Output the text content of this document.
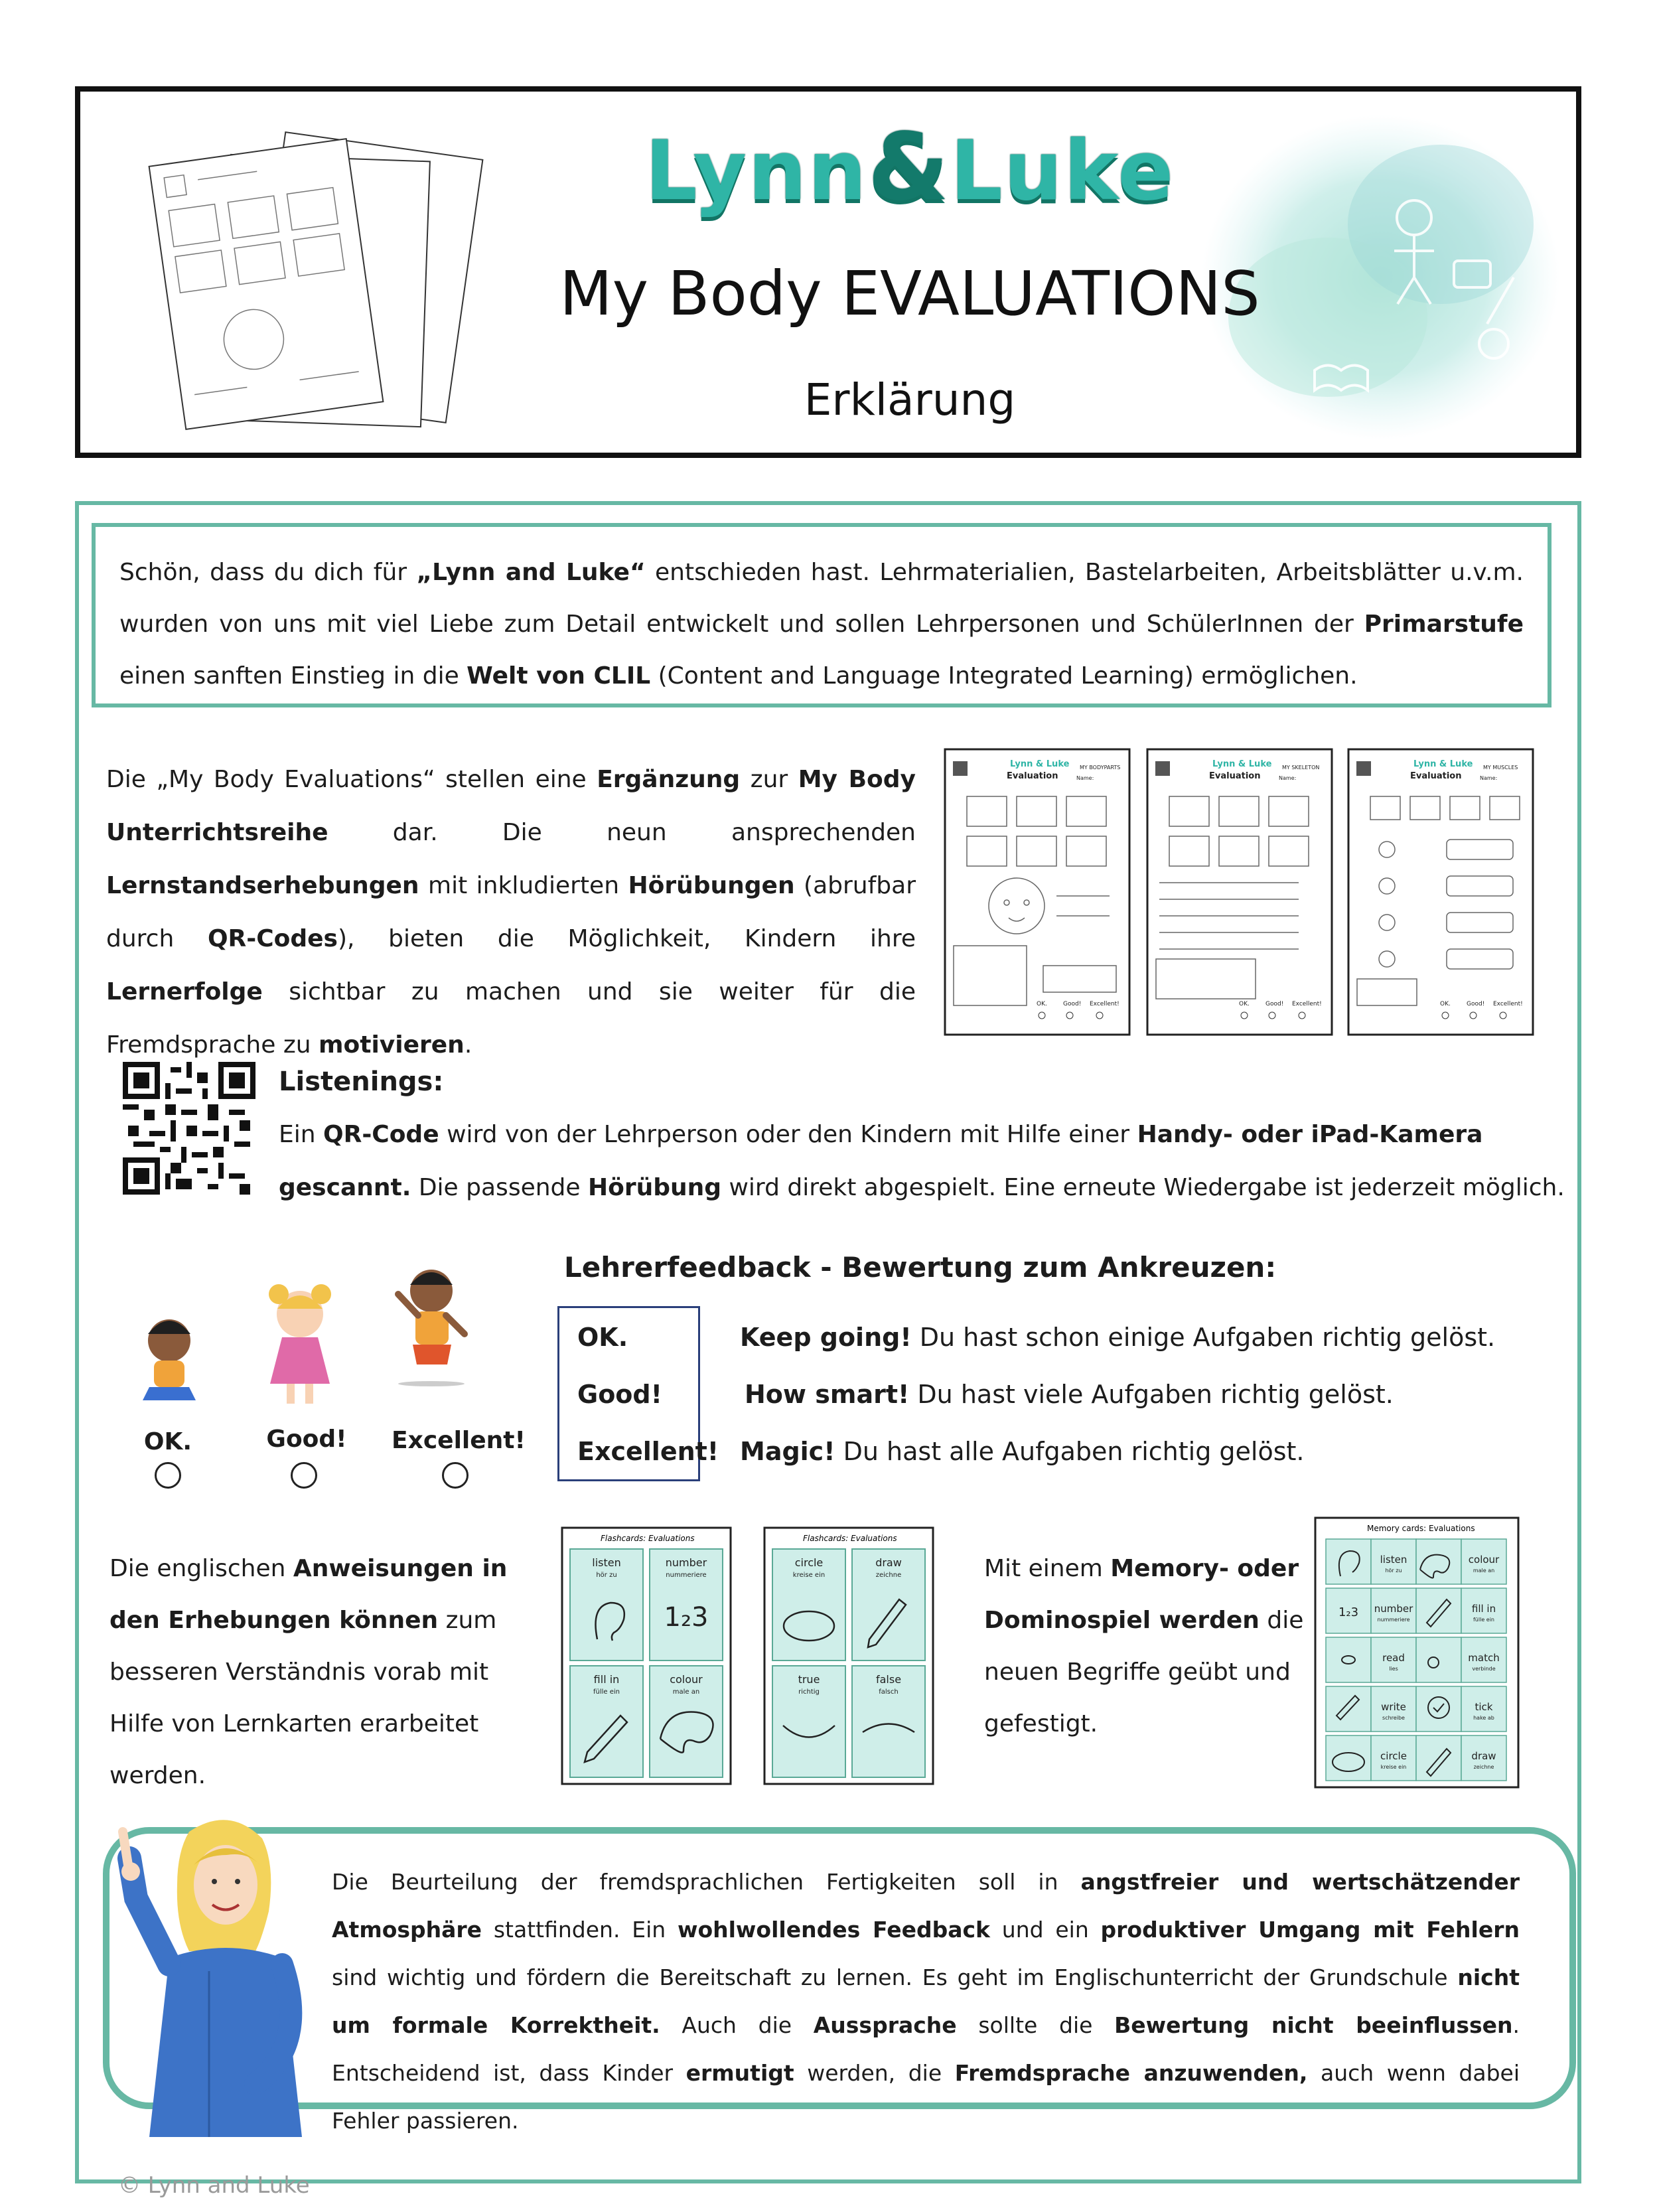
Lynn&Luke
My Body EVALUATIONS
Erklärung
Schön, dass du dich für „Lynn and Luke“ entschieden hast. Lehrmaterialien, Bastelarbeiten, Arbeitsblätter u.v.m. wurden von uns mit viel Liebe zum Detail entwickelt und sollen Lehrpersonen und SchülerInnen der Primarstufe einen sanften Einstieg in die Welt von CLIL (Content and Language Integrated Learning) ermöglichen.
Die „My Body Evaluations“ stellen eine Ergänzung zur My Body Unterrichtsreihe dar. Die neun ansprechenden Lernstandserhebungen mit inkludierten Hörübungen (abrufbar durch QR-Codes), bieten die Möglichkeit, Kindern ihre Lernerfolge sichtbar zu machen und sie weiter für die Fremdsprache zu motivieren.
Lynn & Luke
Evaluation
MY BODYPARTS
Name:
OK.	Good! Excellent!
Lynn & Luke
Evaluation
MY SKELETON
Name:
OK.	Good! Excellent!
Lynn & Luke
Evaluation
MY MUSCLES
Name:
OK.	Good! Excellent!
Listenings:
Ein QR-Code wird von der Lehrperson oder den Kindern mit Hilfe einer Handy- oder iPad-Kamera gescannt. Die passende Hörübung wird direkt abgespielt. Eine erneute Wiedergabe ist jederzeit möglich.
Lehrerfeedback - Bewertung zum Ankreuzen:
OK.	Good!	Excellent!
OK.
Good!
Excellent!
Keep going! Du hast schon einige Aufgaben richtig gelöst.
How smart! Du hast viele Aufgaben richtig gelöst.
Magic! Du hast alle Aufgaben richtig gelöst.
Die englischen Anweisungen in den Erhebungen können zum besseren Verständnis vorab mit Hilfe von Lernkarten erarbeitet werden.
Flashcards: Evaluations
listen
hör zu
number
nummeriere
fill in
fülle ein
colour
male an
1₂3
Flashcards: Evaluations
circle
kreise ein
draw
zeichne
true
richtig
false
falsch
Mit einem Memory- oder Dominospiel werden die neuen Begriffe geübt und gefestigt.
Memory cards: Evaluations
listen
hör zu
colour
male an
number
nummeriere
fill in
fülle ein
read
lies
match
verbinde
write
schreibe
tick
hake ab
circle
kreise ein
draw
zeichne
1₂3
Die Beurteilung der fremdsprachlichen Fertigkeiten soll in angstfreier und wertschätzender Atmosphäre stattfinden. Ein wohlwollendes Feedback und ein produktiver Umgang mit Fehlern sind wichtig und fördern die Bereitschaft zu lernen. Es geht im Englischunterricht der Grundschule nicht um formale Korrektheit. Auch die Aussprache sollte die Bewertung nicht beeinflussen. Entscheidend ist, dass Kinder ermutigt werden, die Fremdsprache anzuwenden, auch wenn dabei Fehler passieren.
© Lynn and Luke
